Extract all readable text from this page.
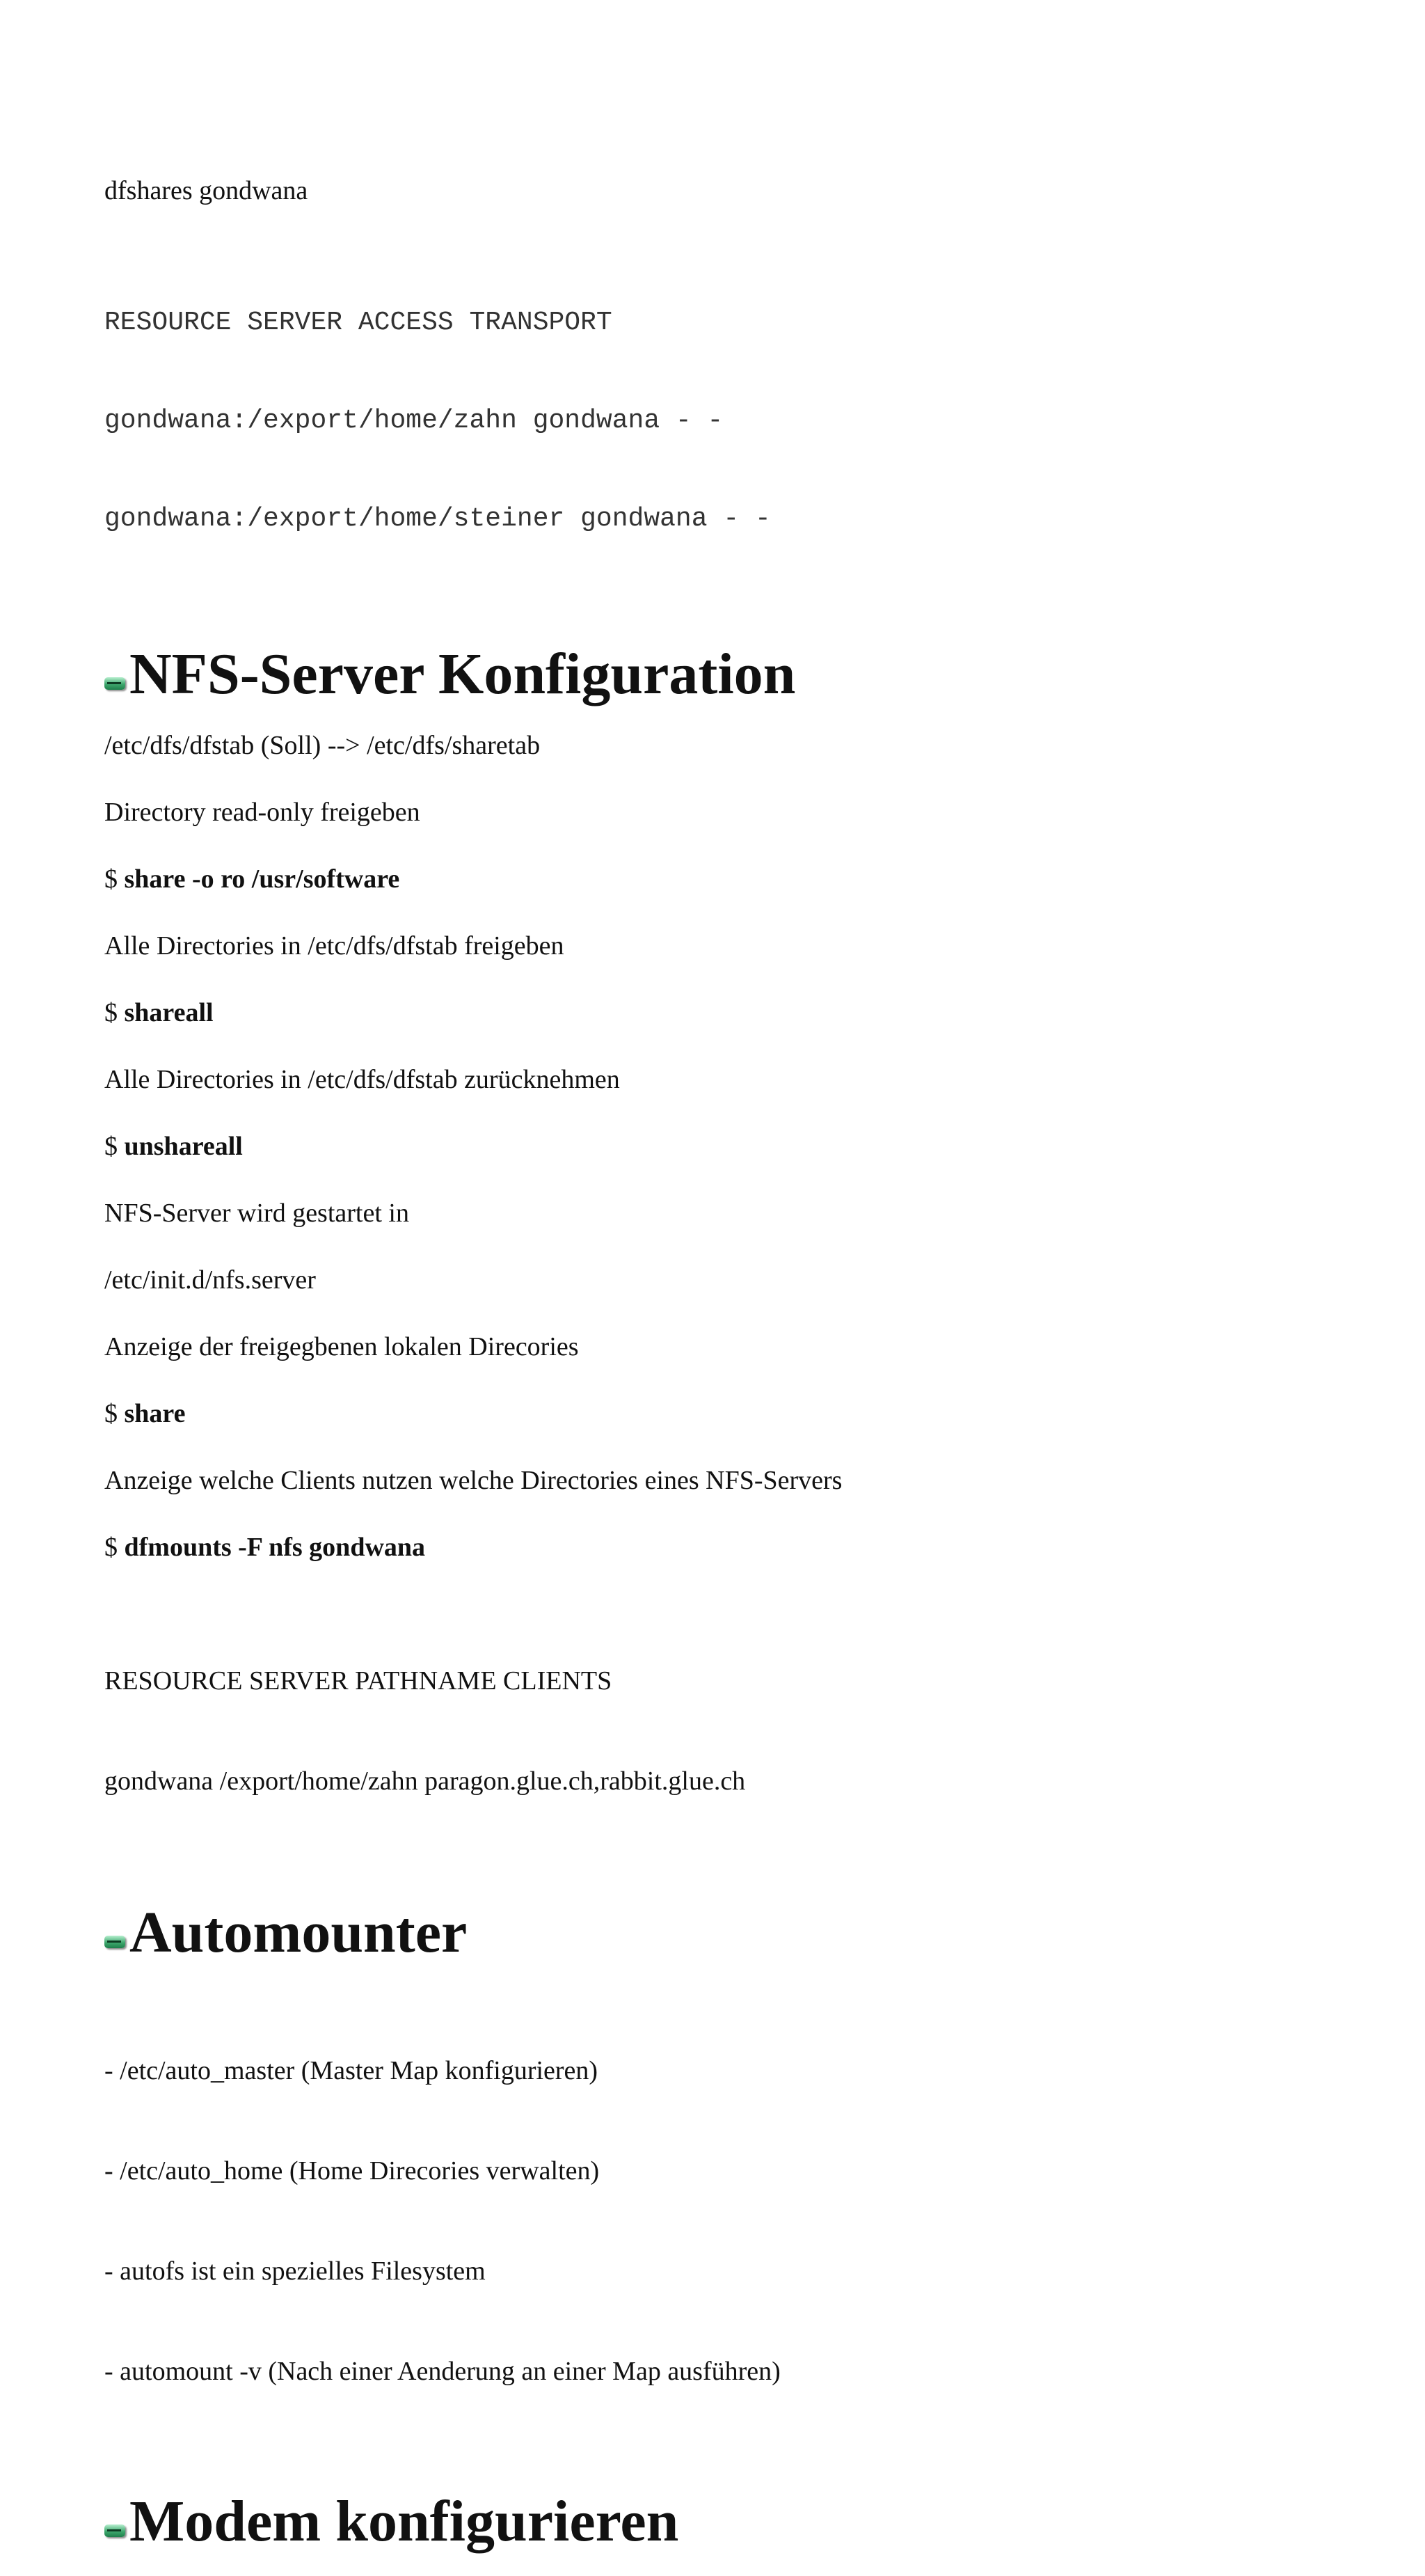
dfshares gondwana

RESOURCE SERVER ACCESS TRANSPORT

gondwana:/export/home/zahn gondwana - -

gondwana:/export/home/steiner gondwana - -

NFS-Server Konfiguration

/etc/dfs/dfstab (Soll) --> /etc/dfs/sharetab

Directory read-only freigeben

$ share -o ro /usr/software

Alle Directories in /etc/dfs/dfstab freigeben

$ shareall

Alle Directories in /etc/dfs/dfstab zurücknehmen

$ unshareall

NFS-Server wird gestartet in

/etc/init.d/nfs.server

Anzeige der freigegbenen lokalen Direcories

$ share

Anzeige welche Clients nutzen welche Directories eines NFS-Servers

$ dfmounts -F nfs gondwana

RESOURCE SERVER PATHNAME CLIENTS

gondwana /export/home/zahn paragon.glue.ch,rabbit.glue.ch

Automounter

- /etc/auto_master (Master Map konfigurieren)

- /etc/auto_home (Home Direcories verwalten)

- autofs ist ein spezielles Filesystem

- automount -v (Nach einer Aenderung an einer Map ausführen)

Modem konfigurieren
